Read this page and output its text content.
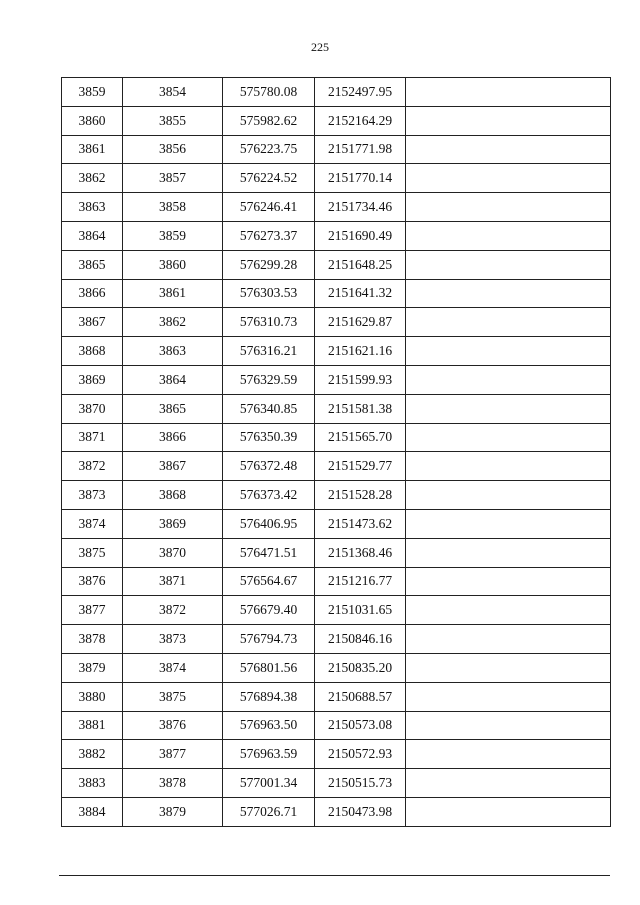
225
3859	3854	575780.08	2152497.95	
3860	3855	575982.62	2152164.29	
3861	3856	576223.75	2151771.98	
3862	3857	576224.52	2151770.14	
3863	3858	576246.41	2151734.46	
3864	3859	576273.37	2151690.49	
3865	3860	576299.28	2151648.25	
3866	3861	576303.53	2151641.32	
3867	3862	576310.73	2151629.87	
3868	3863	576316.21	2151621.16	
3869	3864	576329.59	2151599.93	
3870	3865	576340.85	2151581.38	
3871	3866	576350.39	2151565.70	
3872	3867	576372.48	2151529.77	
3873	3868	576373.42	2151528.28	
3874	3869	576406.95	2151473.62	
3875	3870	576471.51	2151368.46	
3876	3871	576564.67	2151216.77	
3877	3872	576679.40	2151031.65	
3878	3873	576794.73	2150846.16	
3879	3874	576801.56	2150835.20	
3880	3875	576894.38	2150688.57	
3881	3876	576963.50	2150573.08	
3882	3877	576963.59	2150572.93	
3883	3878	577001.34	2150515.73	
3884	3879	577026.71	2150473.98	
